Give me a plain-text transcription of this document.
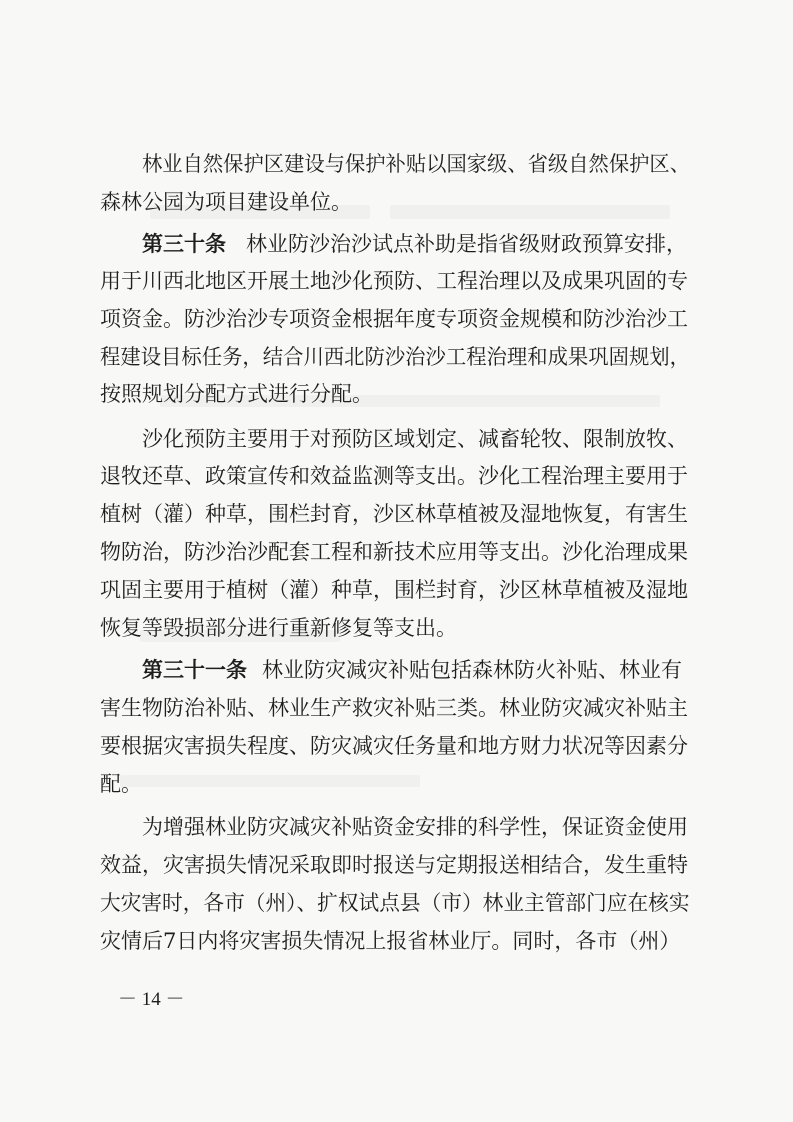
林业自然保护区建设与保护补贴以国家级、省级自然保护区、
森林公园为项目建设单位。
第三十条 林业防沙治沙试点补助是指省级财政预算安排，
用于川西北地区开展土地沙化预防、工程治理以及成果巩固的专
项资金。防沙治沙专项资金根据年度专项资金规模和防沙治沙工
程建设目标任务，结合川西北防沙治沙工程治理和成果巩固规划，
按照规划分配方式进行分配。
沙化预防主要用于对预防区域划定、减畜轮牧、限制放牧、
退牧还草、政策宣传和效益监测等支出。沙化工程治理主要用于
植树（灌）种草，围栏封育，沙区林草植被及湿地恢复，有害生
物防治，防沙治沙配套工程和新技术应用等支出。沙化治理成果
巩固主要用于植树（灌）种草，围栏封育，沙区林草植被及湿地
恢复等毁损部分进行重新修复等支出。
第三十一条 林业防灾减灾补贴包括森林防火补贴、林业有
害生物防治补贴、林业生产救灾补贴三类。林业防灾减灾补贴主
要根据灾害损失程度、防灾减灾任务量和地方财力状况等因素分
配。
为增强林业防灾减灾补贴资金安排的科学性，保证资金使用
效益，灾害损失情况采取即时报送与定期报送相结合，发生重特
大灾害时，各市（州）、扩权试点县（市）林业主管部门应在核实
灾情后7日内将灾害损失情况上报省林业厅。同时，各市（州）
－ 14 －
